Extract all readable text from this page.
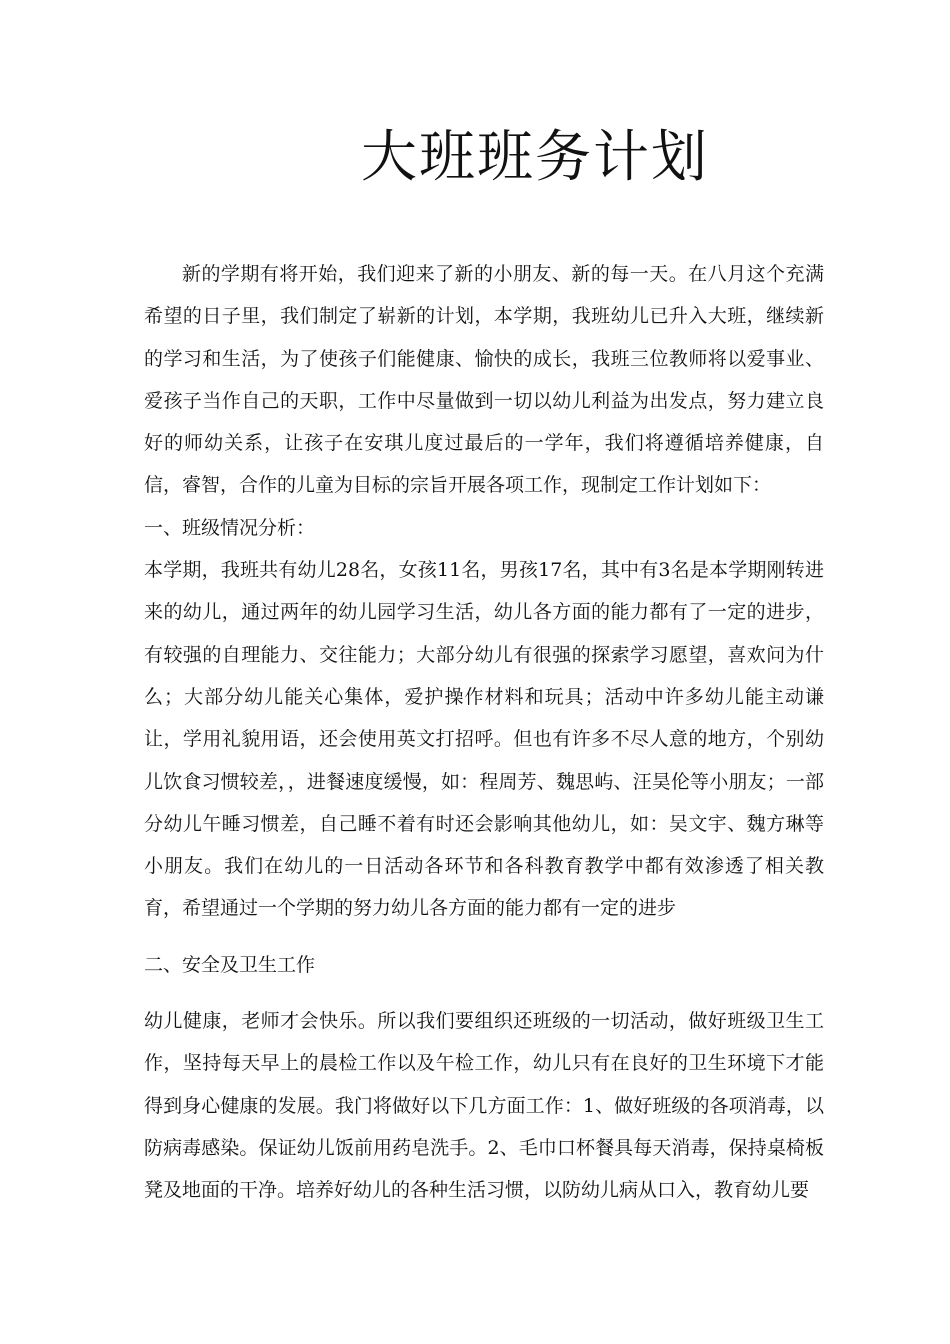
大班班务计划

新的学期有将开始，我们迎来了新的小朋友、新的每一天。在八月这个充满希望的日子里，我们制定了崭新的计划，本学期，我班幼儿已升入大班，继续新的学习和生活，为了使孩子们能健康、愉快的成长，我班三位教师将以爱事业、爱孩子当作自己的天职，工作中尽量做到一切以幼儿利益为出发点，努力建立良好的师幼关系，让孩子在安琪儿度过最后的一学年，我们将遵循培养健康，自信，睿智，合作的儿童为目标的宗旨开展各项工作，现制定工作计划如下：

一、班级情况分析：

本学期，我班共有幼儿28名，女孩11名，男孩17名，其中有3名是本学期刚转进来的幼儿，通过两年的幼儿园学习生活，幼儿各方面的能力都有了一定的进步，有较强的自理能力、交往能力；大部分幼儿有很强的探索学习愿望，喜欢问为什么；大部分幼儿能关心集体，爱护操作材料和玩具；活动中许多幼儿能主动谦让，学用礼貌用语，还会使用英文打招呼。但也有许多不尽人意的地方，个别幼儿饮食习惯较差，，进餐速度缓慢，如：程周芳、魏思屿、汪昊伦等小朋友；一部分幼儿午睡习惯差，自己睡不着有时还会影响其他幼儿，如：吴文宇、魏方琳等小朋友。我们在幼儿的一日活动各环节和各科教育教学中都有效渗透了相关教育，希望通过一个学期的努力幼儿各方面的能力都有一定的进步

二、安全及卫生工作

幼儿健康，老师才会快乐。所以我们要组织还班级的一切活动，做好班级卫生工作，坚持每天早上的晨检工作以及午检工作，幼儿只有在良好的卫生环境下才能得到身心健康的发展。我门将做好以下几方面工作：1、做好班级的各项消毒，以防病毒感染。保证幼儿饭前用药皂洗手。2、毛巾口杯餐具每天消毒，保持桌椅板凳及地面的干净。培养好幼儿的各种生活习惯，以防幼儿病从口入，教育幼儿要
